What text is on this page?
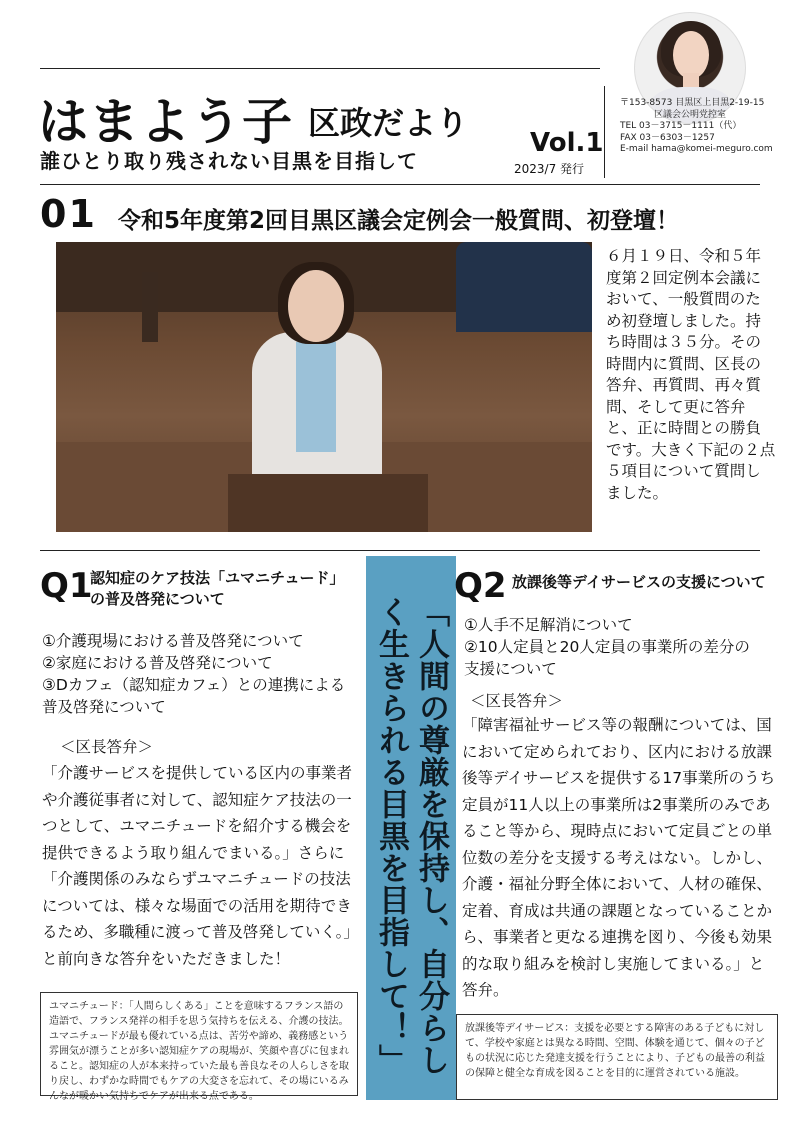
はまよう子 区政だより
誰ひとり取り残されない目黒を目指して
Vol.1
2023/7 発行
〒153-8573 目黒区上目黒2-19-15
区議会公明党控室
TEL 03－3715－1111（代）
FAX 03－6303－1257
E-mail hama@komei-meguro.com
01 令和5年度第2回目黒区議会定例会一般質問、初登壇！
６月１９日、令和５年度第２回定例本会議において、一般質問のため初登壇しました。持ち時間は３５分。その時間内に質問、区長の答弁、再質問、再々質問、そして更に答弁と、正に時間との勝負です。大きく下記の２点５項目について質問しました。
Q1
認知症のケア技法「ユマニチュード」の普及啓発について
①介護現場における普及啓発について
②家庭における普及啓発について
③Dカフェ（認知症カフェ）との連携による普及啓発について
＜区長答弁＞
「介護サービスを提供している区内の事業者や介護従事者に対して、認知症ケア技法の一つとして、ユマニチュードを紹介する機会を提供できるよう取り組んでまいる。」さらに「介護関係のみならずユマニチュードの技法については、様々な場面での活用を期待できるため、多職種に渡って普及啓発していく。」と前向きな答弁をいただきました！
ユマニチュード：「人間らしくある」ことを意味するフランス語の造語で、フランス発祥の相手を思う気持ちを伝える、介護の技法。ユマニチュードが最も優れている点は、苦労や諦め、義務感という雰囲気が漂うことが多い認知症ケアの現場が、笑顔や喜びに包まれること。認知症の人が本来持っていた最も善良なその人らしさを取り戻し、わずかな時間でもケアの大変さを忘れて、その場にいるみんなが暖かい気持ちでケアが出来る点である。
「人間の尊厳を保持し、自分らしく生きられる目黒を目指して！」
Q2 放課後等デイサービスの支援について
①人手不足解消について
②10人定員と20人定員の事業所の差分の支援について
＜区長答弁＞
「障害福祉サービス等の報酬については、国において定められており、区内における放課後等デイサービスを提供する17事業所のうち定員が11人以上の事業所は2事業所のみであること等から、現時点において定員ごとの単位数の差分を支援する考えはない。しかし、介護・福祉分野全体において、人材の確保、定着、育成は共通の課題となっていることから、事業者と更なる連携を図り、今後も効果的な取り組みを検討し実施してまいる。」と答弁。
放課後等デイサービス：支援を必要とする障害のある子どもに対して、学校や家庭とは異なる時間、空間、体験を通じて、個々の子どもの状況に応じた発達支援を行うことにより、子どもの最善の利益の保障と健全な育成を図ることを目的に運営されている施設。
